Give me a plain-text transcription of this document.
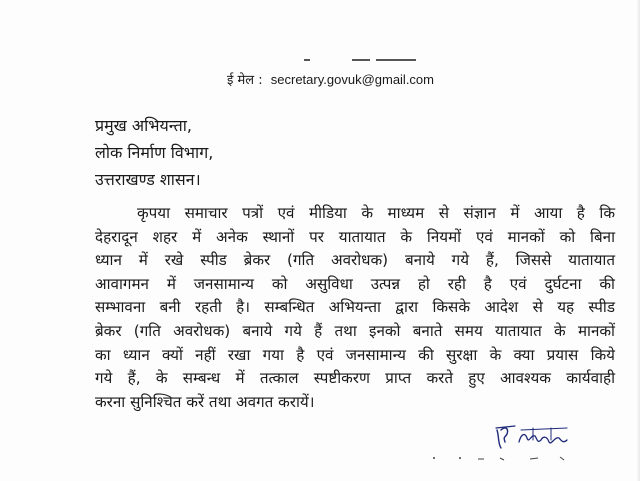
ई मेल : secretary.govuk@gmail.com
प्रमुख अभियन्ता,
लोक निर्माण विभाग,
उत्तराखण्ड शासन।
कृपया समाचार पत्रों एवं मीडिया के माध्यम से संज्ञान में आया है कि
देहरादून शहर में अनेक स्थानों पर यातायात के नियमों एवं मानकों को बिना
ध्यान में रखे स्पीड ब्रेकर (गति अवरोधक) बनाये गये हैं, जिससे यातायात
आवागमन में जनसामान्य को असुविधा उत्पन्न हो रही है एवं दुर्घटना की
सम्भावना बनी रहती है। सम्बन्धित अभियन्ता द्वारा किसके आदेश से यह स्पीड
ब्रेकर (गति अवरोधक) बनाये गये हैं तथा इनको बनाते समय यातायात के मानकों
का ध्यान क्यों नहीं रखा गया है एवं जनसामान्य की सुरक्षा के क्या प्रयास किये
गये हैं, के सम्बन्ध में तत्काल स्पष्टीकरण प्राप्त करते हुए आवश्यक कार्यवाही
करना सुनिश्चित करें तथा अवगत करायें।
